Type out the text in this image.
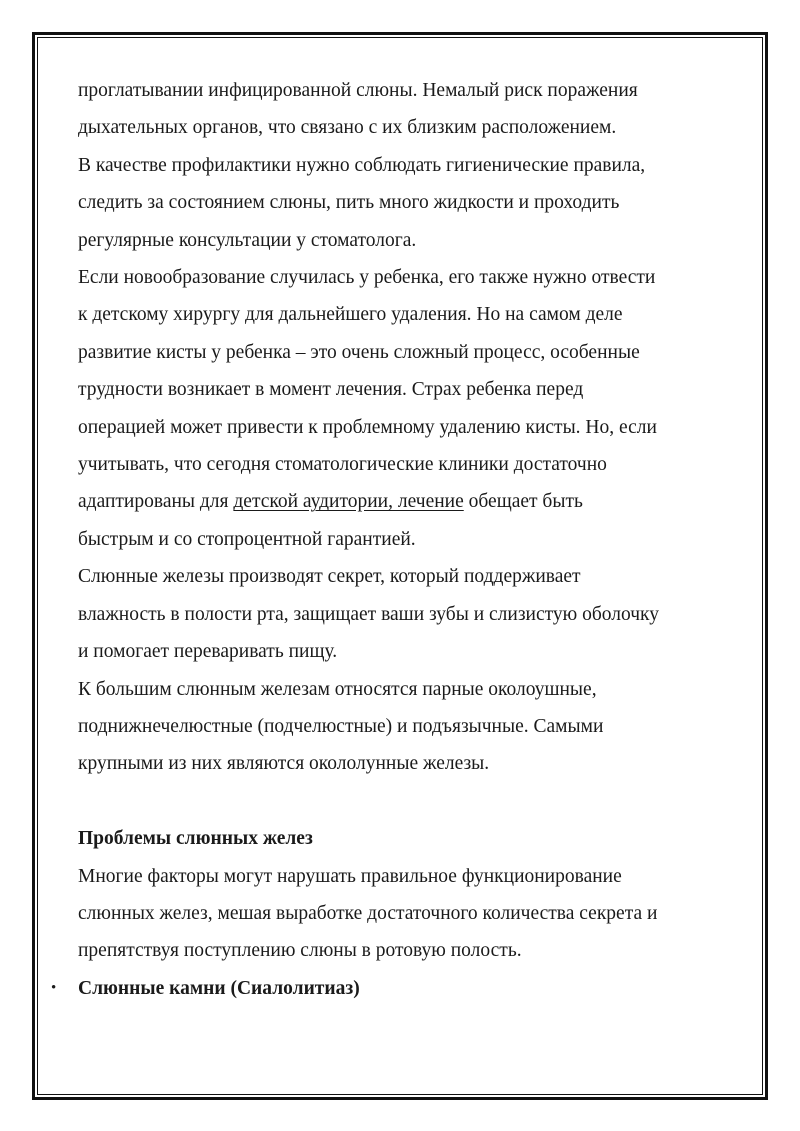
проглатывании инфицированной слюны. Немалый риск поражения
дыхательных органов, что связано с их близким расположением.
В качестве профилактики нужно соблюдать гигиенические правила,
следить за состоянием слюны, пить много жидкости и проходить
регулярные консультации у стоматолога.
Если новообразование случилась у ребенка, его также нужно отвести
к детскому хирургу для дальнейшего удаления. Но на самом деле
развитие кисты у ребенка – это очень сложный процесс, особенные
трудности возникает в момент лечения. Страх ребенка перед
операцией может привести к проблемному удалению кисты. Но, если
учитывать, что сегодня стоматологические клиники достаточно
адаптированы для детской аудитории, лечение обещает быть
быстрым и со стопроцентной гарантией.
Слюнные железы производят секрет, который поддерживает
влажность в полости рта, защищает ваши зубы и слизистую оболочку
и помогает переваривать пищу.
К большим слюнным железам относятся парные околоушные,
поднижнечелюстные (подчелюстные) и подъязычные. Самыми
крупными из них являются окололунные железы.
Проблемы слюнных желез
Многие факторы могут нарушать правильное функционирование
слюнных желез, мешая выработке достаточного количества секрета и
препятствуя поступлению слюны в ротовую полость.
• Слюнные камни (Сиалолитиаз)
